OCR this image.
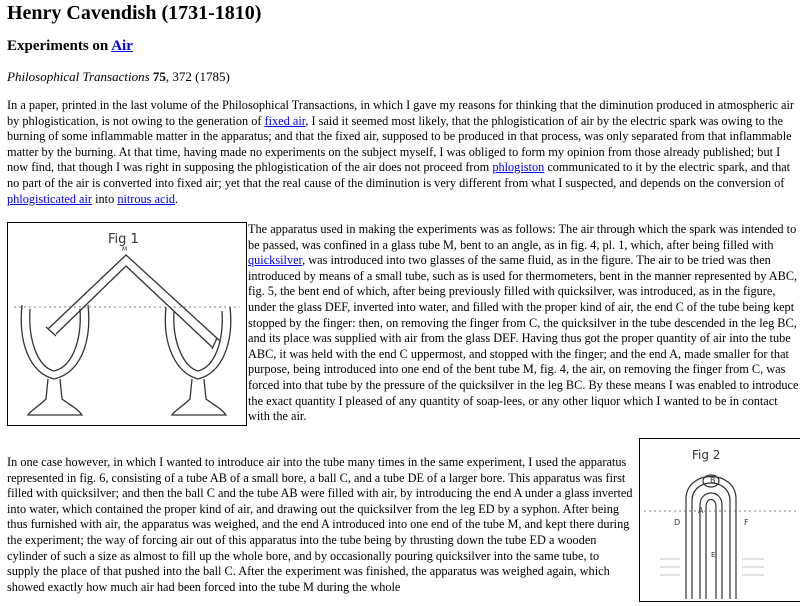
Henry Cavendish (1731-1810)
Experiments on Air
Philosophical Transactions 75, 372 (1785)

In a paper, printed in the last volume of the Philosophical Transactions, in which I gave my reasons for thinking that the diminution produced in atmospheric air by phlogistication, is not owing to the generation of fixed air, I said it seemed most likely, that the phlogistication of air by the electric spark was owing to the burning of some inflammable matter in the apparatus; and that the fixed air, supposed to be produced in that process, was only separated from that inflammable matter by the burning. At that time, having made no experiments on the subject myself, I was obliged to form my opinion from those already published; but I now find, that though I was right in supposing the phlogistication of the air does not proceed from phlogiston communicated to it by the electric spark, and that no part of the air is converted into fixed air; yet that the real cause of the diminution is very different from what I suspected, and depends on the conversion of phlogisticated air into nitrous acid.

Fig 1
M

The apparatus used in making the experiments was as follows: The air through which the spark was intended to be passed, was confined in a glass tube M, bent to an angle, as in fig. 4, pl. 1, which, after being filled with quicksilver, was introduced into two glasses of the same fluid, as in the figure. The air to be tried was then introduced by means of a small tube, such as is used for thermometers, bent in the manner represented by ABC, fig. 5, the bent end of which, after being previously filled with quicksilver, was introduced, as in the figure, under the glass DEF, inverted into water, and filled with the proper kind of air, the end C of the tube being kept stopped by the finger: then, on removing the finger from C, the quicksilver in the tube descended in the leg BC, and its place was supplied with air from the glass DEF. Having thus got the proper quantity of air into the tube ABC, it was held with the end C uppermost, and stopped with the finger; and the end A, made smaller for that purpose, being introduced into one end of the bent tube M, fig. 4, the air, on removing the finger from C, was forced into that tube by the pressure of the quicksilver in the leg BC. By these means I was enabled to introduce the exact quantity I pleased of any quantity of soap-lees, or any other liquor which I wanted to be in contact with the air.

In one case however, in which I wanted to introduce air into the tube many times in the same experiment, I used the apparatus represented in fig. 6, consisting of a tube AB of a small bore, a ball C, and a tube DE of a larger bore. This apparatus was first filled with quicksilver; and then the ball C and the tube AB were filled with air, by introducing the end A under a glass inverted into water, which contained the proper kind of air, and drawing out the quicksilver from the leg ED by a syphon. After being thus furnished with air, the apparatus was weighed, and the end A introduced into one end of the tube M, and kept there during the experiment; the way of forcing air out of this apparatus into the tube being by thrusting down the tube ED a wooden cylinder of such a size as almost to fill up the whole bore, and by occasionally pouring quicksilver into the same tube, to supply the place of that pushed into the ball C. After the experiment was finished, the apparatus was weighed again, which showed exactly how much air had been forced into the tube M during the whole

Fig 2
B
A
D	F
E
